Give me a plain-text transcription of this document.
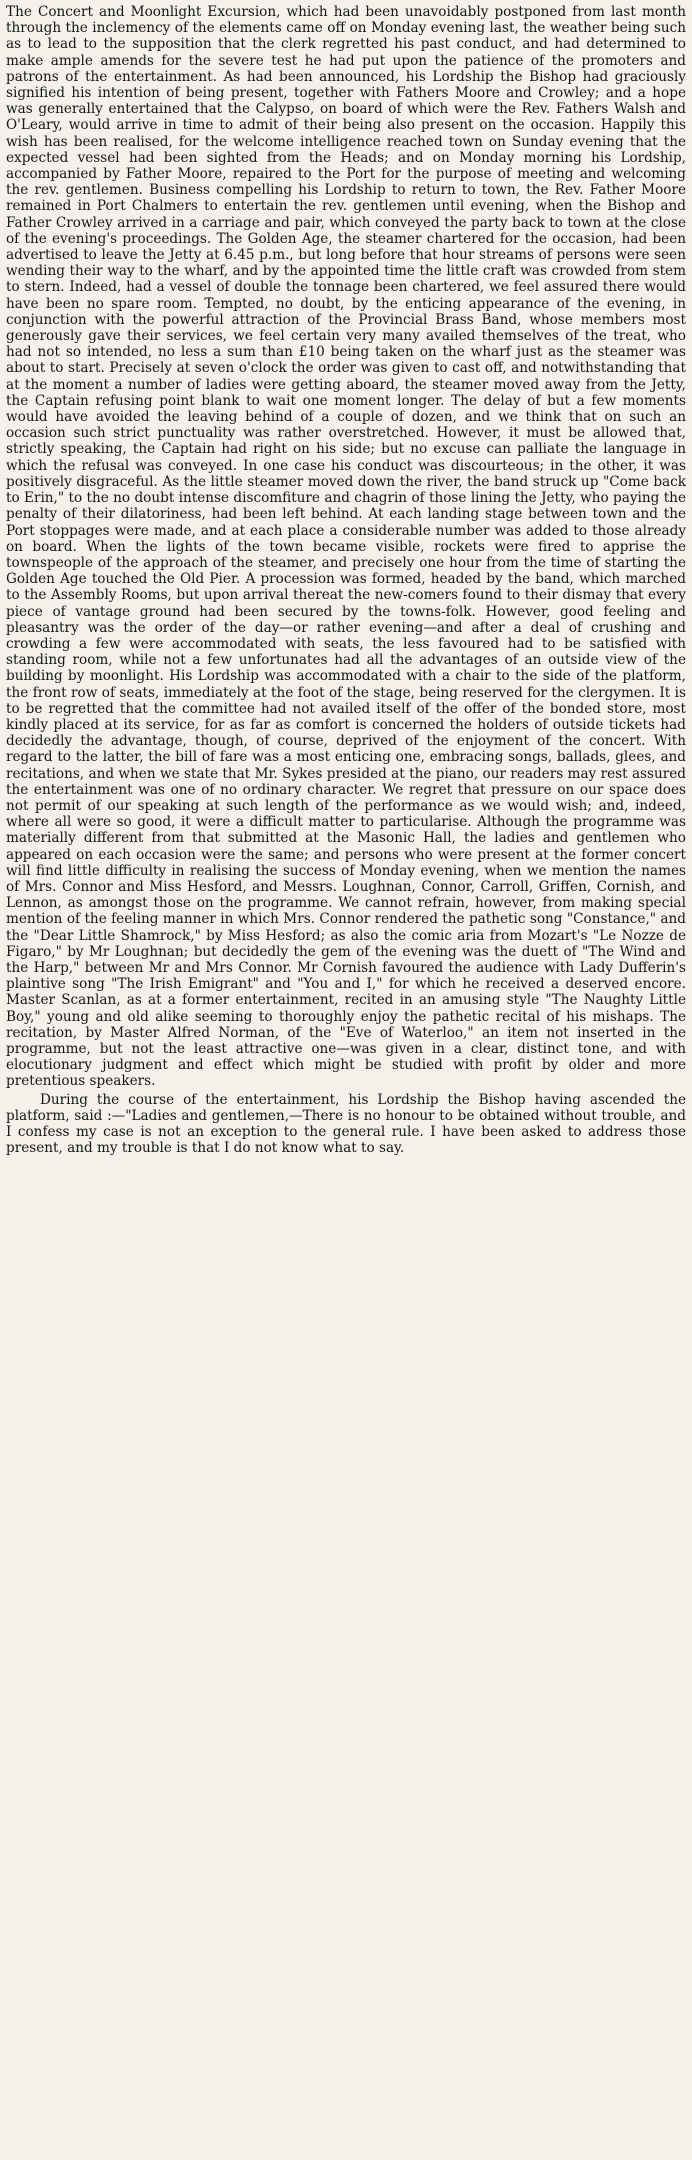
The Concert and Moonlight Excursion, which had been unavoidably postponed from last month through the inclemency of the elements came off on Monday evening last, the weather being such as to lead to the supposition that the clerk regretted his past conduct, and had determined to make ample amends for the severe test he had put upon the patience of the promoters and patrons of the entertainment. As had been announced, his Lordship the Bishop had graciously signified his intention of being present, together with Fathers Moore and Crowley; and a hope was generally entertained that the Calypso, on board of which were the Rev. Fathers Walsh and O'Leary, would arrive in time to admit of their being also present on the occasion. Happily this wish has been realised, for the welcome intelligence reached town on Sunday evening that the expected vessel had been sighted from the Heads; and on Monday morning his Lordship, accompanied by Father Moore, repaired to the Port for the purpose of meeting and welcoming the rev. gentlemen. Business compelling his Lordship to return to town, the Rev. Father Moore remained in Port Chalmers to entertain the rev. gentlemen until evening, when the Bishop and Father Crowley arrived in a carriage and pair, which conveyed the party back to town at the close of the evening's proceedings. The Golden Age, the steamer chartered for the occasion, had been advertised to leave the Jetty at 6.45 p.m., but long before that hour streams of persons were seen wending their way to the wharf, and by the appointed time the little craft was crowded from stem to stern. Indeed, had a vessel of double the tonnage been chartered, we feel assured there would have been no spare room. Tempted, no doubt, by the enticing appearance of the evening, in conjunction with the powerful attraction of the Provincial Brass Band, whose members most generously gave their services, we feel certain very many availed themselves of the treat, who had not so intended, no less a sum than £10 being taken on the wharf just as the steamer was about to start. Precisely at seven o'clock the order was given to cast off, and notwithstanding that at the moment a number of ladies were getting aboard, the steamer moved away from the Jetty, the Captain refusing point blank to wait one moment longer. The delay of but a few moments would have avoided the leaving behind of a couple of dozen, and we think that on such an occasion such strict punctuality was rather overstretched. However, it must be allowed that, strictly speaking, the Captain had right on his side; but no excuse can palliate the language in which the refusal was conveyed. In one case his conduct was discourteous; in the other, it was positively disgraceful. As the little steamer moved down the river, the band struck up "Come back to Erin," to the no doubt intense discomfiture and chagrin of those lining the Jetty, who paying the penalty of their dilatoriness, had been left behind. At each landing stage between town and the Port stoppages were made, and at each place a considerable number was added to those already on board. When the lights of the town became visible, rockets were fired to apprise the townspeople of the approach of the steamer, and precisely one hour from the time of starting the Golden Age touched the Old Pier. A procession was formed, headed by the band, which marched to the Assembly Rooms, but upon arrival thereat the new-comers found to their dismay that every piece of vantage ground had been secured by the towns-folk. However, good feeling and pleasantry was the order of the day—or rather evening—and after a deal of crushing and crowding a few were accommodated with seats, the less favoured had to be satisfied with standing room, while not a few unfortunates had all the advantages of an outside view of the building by moonlight. His Lordship was accommodated with a chair to the side of the platform, the front row of seats, immediately at the foot of the stage, being reserved for the clergymen. It is to be regretted that the committee had not availed itself of the offer of the bonded store, most kindly placed at its service, for as far as comfort is concerned the holders of outside tickets had decidedly the advantage, though, of course, deprived of the enjoyment of the concert. With regard to the latter, the bill of fare was a most enticing one, embracing songs, ballads, glees, and recitations, and when we state that Mr. Sykes presided at the piano, our readers may rest assured the entertainment was one of no ordinary character. We regret that pressure on our space does not permit of our speaking at such length of the performance as we would wish; and, indeed, where all were so good, it were a difficult matter to particularise. Although the programme was materially different from that submitted at the Masonic Hall, the ladies and gentlemen who appeared on each occasion were the same; and persons who were present at the former concert will find little difficulty in realising the success of Monday evening, when we mention the names of Mrs. Connor and Miss Hesford, and Messrs. Loughnan, Connor, Carroll, Griffen, Cornish, and Lennon, as amongst those on the programme. We cannot refrain, however, from making special mention of the feeling manner in which Mrs. Connor rendered the pathetic song "Constance," and the "Dear Little Shamrock," by Miss Hesford; as also the comic aria from Mozart's "Le Nozze de Figaro," by Mr Loughnan; but decidedly the gem of the evening was the duett of "The Wind and the Harp," between Mr and Mrs Connor. Mr Cornish favoured the audience with Lady Dufferin's plaintive song "The Irish Emigrant" and "You and I," for which he received a deserved encore. Master Scanlan, as at a former entertainment, recited in an amusing style "The Naughty Little Boy," young and old alike seeming to thoroughly enjoy the pathetic recital of his mishaps. The recitation, by Master Alfred Norman, of the "Eve of Waterloo," an item not inserted in the programme, but not the least attractive one—was given in a clear, distinct tone, and with elocutionary judgment and effect which might be studied with profit by older and more pretentious speakers.

During the course of the entertainment, his Lordship the Bishop having ascended the platform, said :—"Ladies and gentlemen,—There is no honour to be obtained without trouble, and I confess my case is not an exception to the general rule. I have been asked to address those present, and my trouble is that I do not know what to say.
